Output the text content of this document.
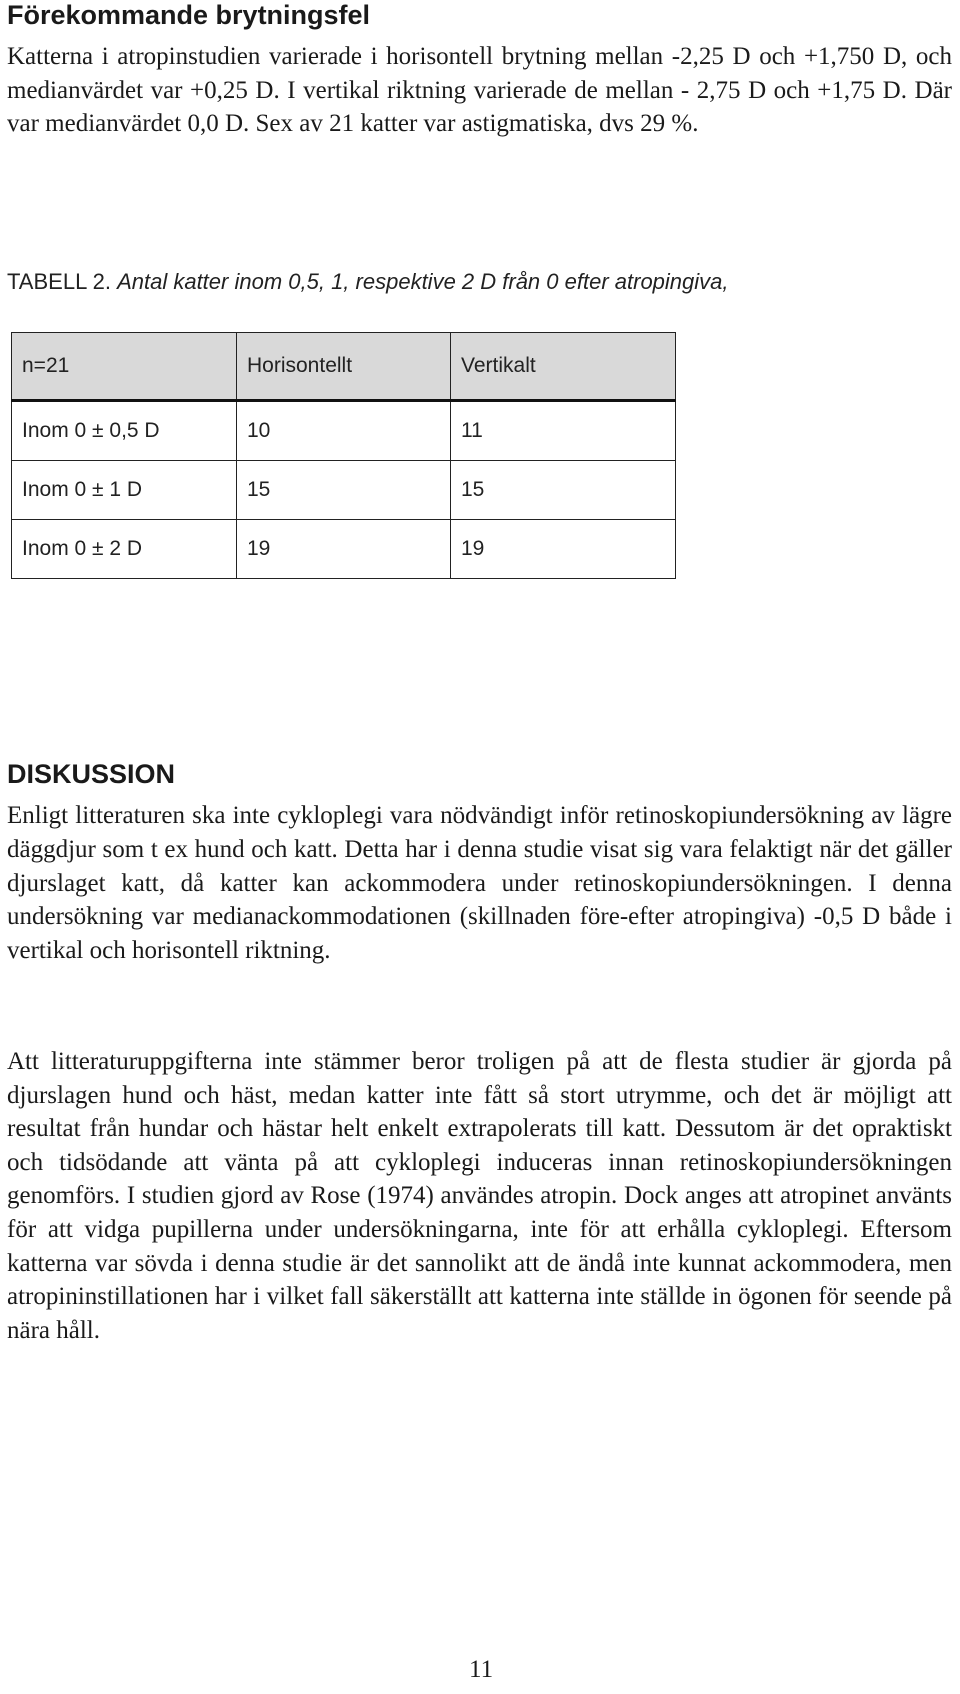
Förekommande brytningsfel

Katterna i atropinstudien varierade i horisontell brytning mellan -2,25 D och +1,750 D, och medianvärdet var +0,25 D. I vertikal riktning varierade de mellan - 2,75 D och +1,75 D. Där var medianvärdet 0,0 D. Sex av 21 katter var astigmatiska, dvs 29 %.

TABELL 2. Antal katter inom 0,5, 1, respektive 2 D från 0 efter atropingiva,
n=21	Horisontellt	Vertikalt
Inom 0 ± 0,5 D	10	11
Inom 0 ± 1 D	15	15
Inom 0 ± 2 D	19	19
DISKUSSION

Enligt litteraturen ska inte cykloplegi vara nödvändigt inför retinoskopiundersökning av lägre däggdjur som t ex hund och katt. Detta har i denna studie visat sig vara felaktigt när det gäller djurslaget katt, då katter kan ackommodera under retinoskopiundersökningen. I denna undersökning var medianackommodationen (skillnaden före-efter atropingiva) -0,5 D både i vertikal och horisontell riktning.

Att litteraturuppgifterna inte stämmer beror troligen på att de flesta studier är gjorda på djurslagen hund och häst, medan katter inte fått så stort utrymme, och det är möjligt att resultat från hundar och hästar helt enkelt extrapolerats till katt. Dessutom är det opraktiskt och tidsödande att vänta på att cykloplegi induceras innan retinoskopiundersökningen genomförs. I studien gjord av Rose (1974) användes atropin. Dock anges att atropinet använts för att vidga pupillerna under undersökningarna, inte för att erhålla cykloplegi. Eftersom katterna var sövda i denna studie är det sannolikt att de ändå inte kunnat ackommodera, men atropininstillationen har i vilket fall säkerställt att katterna inte ställde in ögonen för seende på nära håll.

11
